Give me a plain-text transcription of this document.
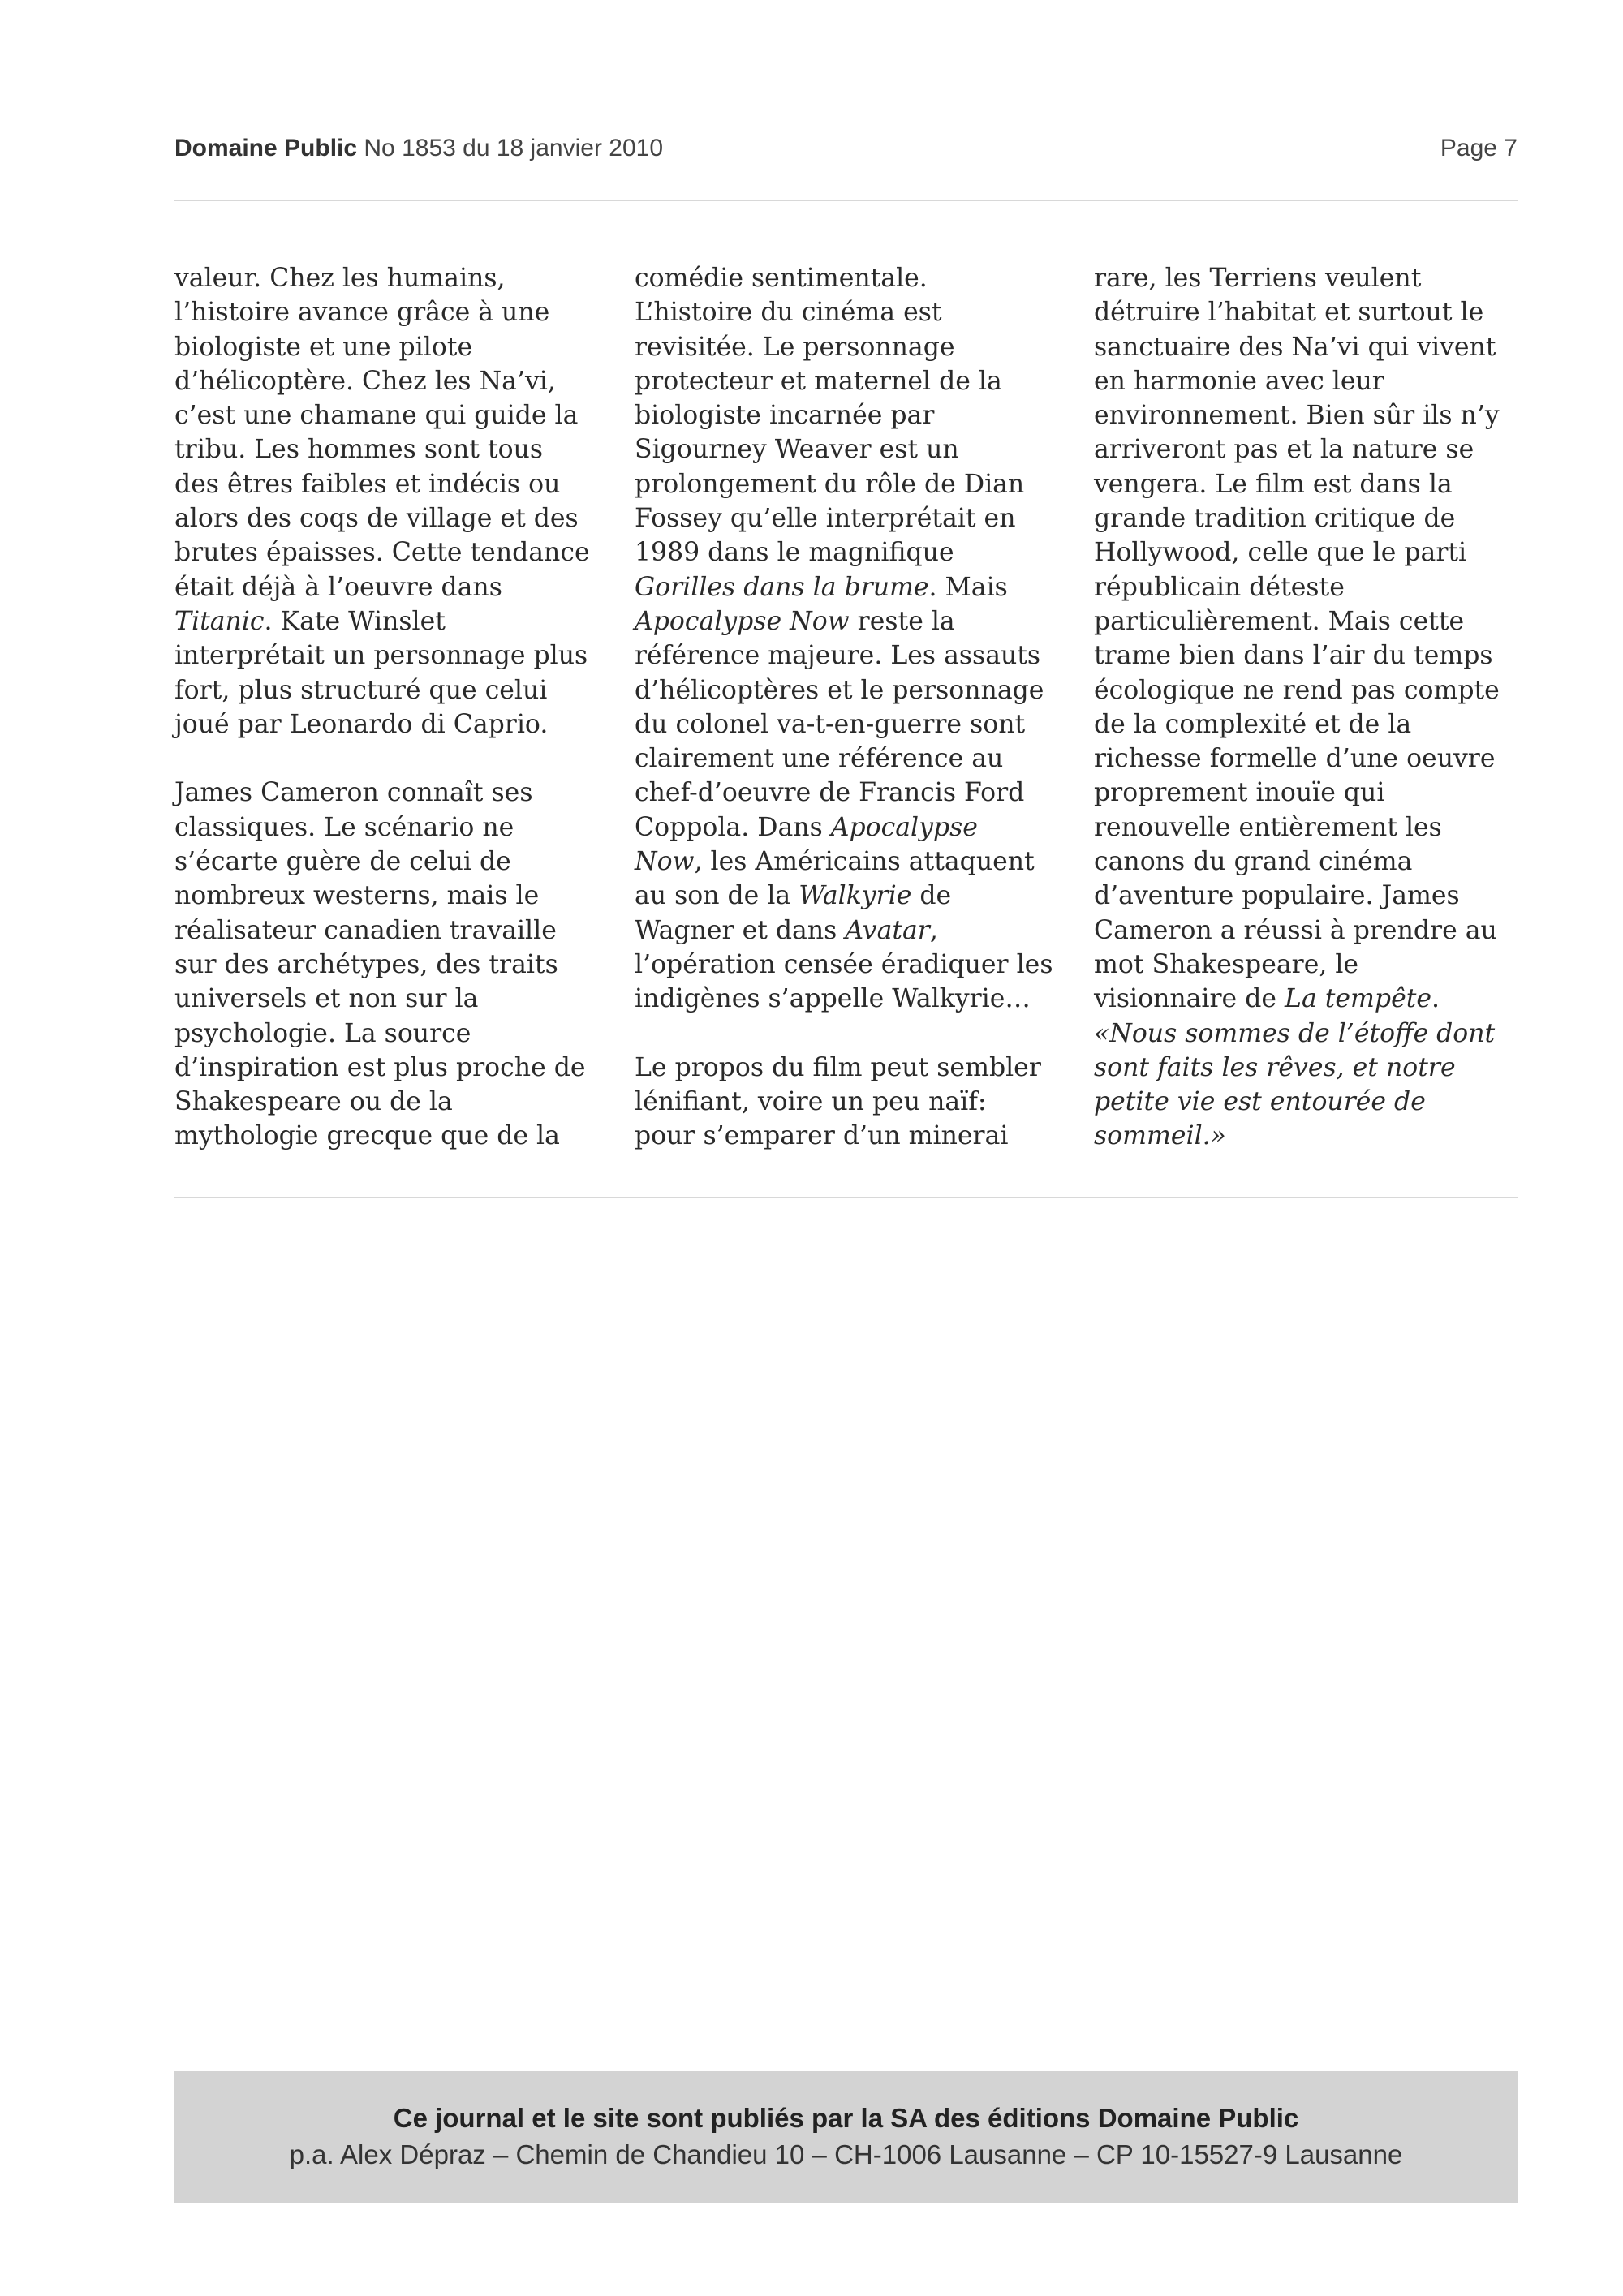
Domaine Public No 1853 du 18 janvier 2010	Page 7

valeur. Chez les humains,
l’histoire avance grâce à une
biologiste et une pilote
d’hélicoptère. Chez les Na’vi,
c’est une chamane qui guide la
tribu. Les hommes sont tous
des êtres faibles et indécis ou
alors des coqs de village et des
brutes épaisses. Cette tendance
était déjà à l’oeuvre dans
Titanic. Kate Winslet
interprétait un personnage plus
fort, plus structuré que celui
joué par Leonardo di Caprio.

James Cameron connaît ses
classiques. Le scénario ne
s’écarte guère de celui de
nombreux westerns, mais le
réalisateur canadien travaille
sur des archétypes, des traits
universels et non sur la
psychologie. La source
d’inspiration est plus proche de
Shakespeare ou de la
mythologie grecque que de la

comédie sentimentale.
L’histoire du cinéma est
revisitée. Le personnage
protecteur et maternel de la
biologiste incarnée par
Sigourney Weaver est un
prolongement du rôle de Dian
Fossey qu’elle interprétait en
1989 dans le magnifique
Gorilles dans la brume. Mais
Apocalypse Now reste la
référence majeure. Les assauts
d’hélicoptères et le personnage
du colonel va-t-en-guerre sont
clairement une référence au
chef-d’oeuvre de Francis Ford
Coppola. Dans Apocalypse
Now, les Américains attaquent
au son de la Walkyrie de
Wagner et dans Avatar,
l’opération censée éradiquer les
indigènes s’appelle Walkyrie…

Le propos du film peut sembler
lénifiant, voire un peu naïf:
pour s’emparer d’un minerai

rare, les Terriens veulent
détruire l’habitat et surtout le
sanctuaire des Na’vi qui vivent
en harmonie avec leur
environnement. Bien sûr ils n’y
arriveront pas et la nature se
vengera. Le film est dans la
grande tradition critique de
Hollywood, celle que le parti
républicain déteste
particulièrement. Mais cette
trame bien dans l’air du temps
écologique ne rend pas compte
de la complexité et de la
richesse formelle d’une oeuvre
proprement inouïe qui
renouvelle entièrement les
canons du grand cinéma
d’aventure populaire. James
Cameron a réussi à prendre au
mot Shakespeare, le
visionnaire de La tempête.
«Nous sommes de l’étoffe dont
sont faits les rêves, et notre
petite vie est entourée de
sommeil.»

Ce journal et le site sont publiés par la SA des éditions Domaine Public
p.a. Alex Dépraz – Chemin de Chandieu 10 – CH-1006 Lausanne – CP 10-15527-9 Lausanne
